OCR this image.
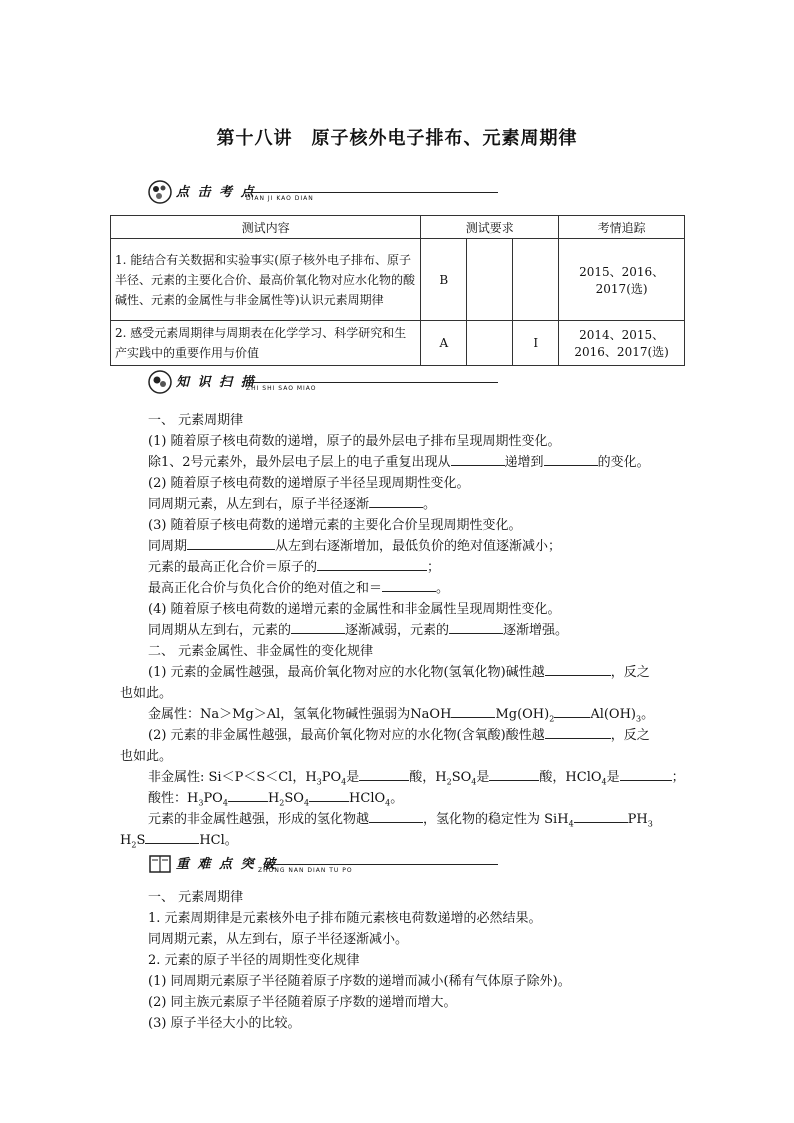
第十八讲　原子核外电子排布、元素周期律
点 击 考 点
DIAN JI KAO DIAN
测试内容	测试要求			考情追踪
1. 能结合有关数据和实验事实(原子核外电子排布、原子半径、元素的主要化合价、最高价氧化物对应水化物的酸碱性、元素的金属性与非金属性等)认识元素周期律	B			2015、2016、2017(选)
2. 感受元素周期律与周期表在化学学习、科学研究和生产实践中的重要作用与价值	A		Ⅰ	2014、2015、2016、2017(选)
知 识 扫 描
ZHI SHI SAO MIAO
一、 元素周期律
(1) 随着原子核电荷数的递增，原子的最外层电子排布呈现周期性变化。
除1、2号元素外，最外层电子层上的电子重复出现从	递增到	的变化。
(2) 随着原子核电荷数的递增原子半径呈现周期性变化。
同周期元素，从左到右，原子半径逐渐	。
(3) 随着原子核电荷数的递增元素的主要化合价呈现周期性变化。
同周期	从左到右逐渐增加，最低负价的绝对值逐渐减小；
元素的最高正化合价＝原子的	；
最高正化合价与负化合价的绝对值之和＝	。
(4) 随着原子核电荷数的递增元素的金属性和非金属性呈现周期性变化。
同周期从左到右，元素的	逐渐减弱，元素的	逐渐增强。
二、 元素金属性、非金属性的变化规律
(1) 元素的金属性越强，最高价氧化物对应的水化物(氢氧化物)碱性越	，反之
也如此。
金属性：Na＞Mg＞Al，氢氧化物碱性强弱为NaOH	$Mg(OH)_2$	$Al(OH)_3$。
(2) 元素的非金属性越强，最高价氧化物对应的水化物(含氧酸)酸性越	，反之
也如此。
非金属性: Si＜P＜S＜Cl，$H_3PO_4$是	酸，$H_2SO_4$是	酸，HClO$_4$是	；
酸性：$H_3PO_4$	$H_2SO_4$	HClO$_4$。
元素的非金属性越强，形成的氢化物越	，氢化物的稳定性为 SiH$_4$	$PH_3$
$H_2S$	HCl。
重 难 点 突 破
ZHONG NAN DIAN TU PO
一、 元素周期律
1. 元素周期律是元素核外电子排布随元素核电荷数递增的必然结果。
同周期元素，从左到右，原子半径逐渐减小。
2. 元素的原子半径的周期性变化规律
(1) 同周期元素原子半径随着原子序数的递增而减小(稀有气体原子除外)。
(2) 同主族元素原子半径随着原子序数的递增而增大。
(3) 原子半径大小的比较。
